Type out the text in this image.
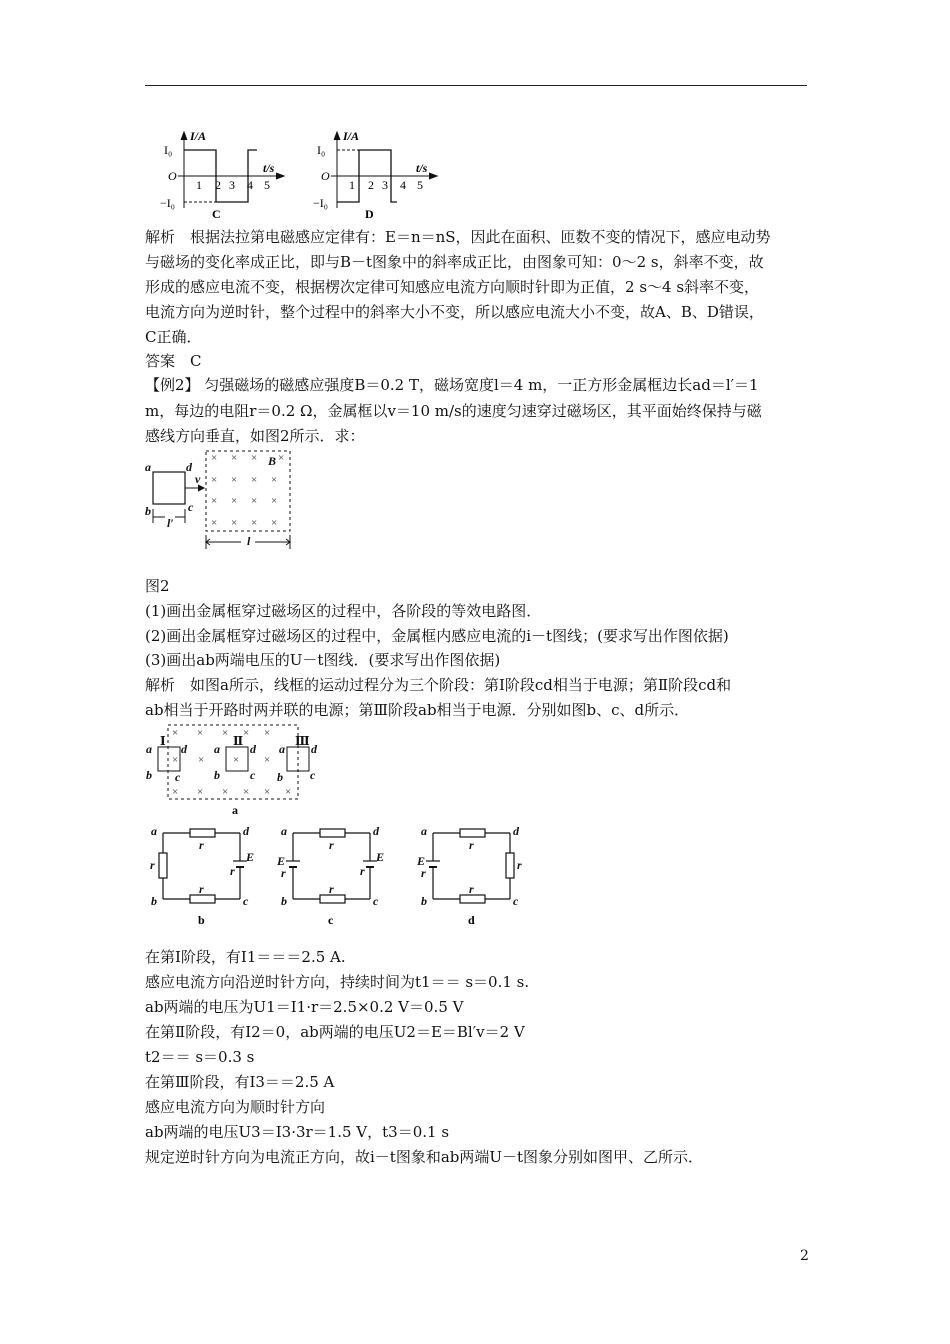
I/A
I₀
O
−I₀
t/s
1 2 3 4 5
C
I/A
I₀
O
−I₀
t/s
1 2 3 4 5
D
解析　根据法拉第电磁感应定律有：E＝n＝nS，因此在面积、匝数不变的情况下，感应电动势
与磁场的变化率成正比，即与B－t图象中的斜率成正比，由图象可知：0～2 s，斜率不变，故
形成的感应电流不变，根据楞次定律可知感应电流方向顺时针即为正值，2 s～4 s斜率不变，
电流方向为逆时针，整个过程中的斜率大小不变，所以感应电流大小不变，故A、B、D错误，
C正确．
答案　C
【例2】 匀强磁场的磁感应强度B＝0.2 T，磁场宽度l＝4 m，一正方形金属框边长ad＝l′＝1
m，每边的电阻r＝0.2 Ω，金属框以v＝10 m/s的速度匀速穿过磁场区，其平面始终保持与磁
感线方向垂直，如图2所示．求：
× × × ×
× × × ×
× × × ×
× × × ×
a	d
b	c
v
B
l′
l
图2
(1)画出金属框穿过磁场区的过程中，各阶段的等效电路图．
(2)画出金属框穿过磁场区的过程中，金属框内感应电流的i－t图线；(要求写出作图依据)
(3)画出ab两端电压的U－t图线．(要求写出作图依据)
解析　如图a所示，线框的运动过程分为三个阶段：第Ⅰ阶段cd相当于电源；第Ⅱ阶段cd和
ab相当于开路时两并联的电源；第Ⅲ阶段ab相当于电源．分别如图b、c、d所示．
× × × × ×
× ×	× ×
× × × × × ×
Ⅰ	Ⅱ	Ⅲ
a
b c
d a
b
d
c
a
b
d
c
a
a	d
b	c
r
r
r
E
r
b
a	d
b	c
r
r
E
r
E
r
c
a	d
b	c
r
r
E
r
r
d
在第Ⅰ阶段，有I1＝＝＝2.5 A.
感应电流方向沿逆时针方向，持续时间为t1＝＝ s＝0.1 s.
ab两端的电压为U1＝I1·r＝2.5×0.2 V＝0.5 V
在第Ⅱ阶段，有I2＝0，ab两端的电压U2＝E＝Bl′v＝2 V
t2＝＝ s＝0.3 s
在第Ⅲ阶段，有I3＝＝2.5 A
感应电流方向为顺时针方向
ab两端的电压U3＝I3·3r＝1.5 V，t3＝0.1 s
规定逆时针方向为电流正方向，故i－t图象和ab两端U－t图象分别如图甲、乙所示．
2
